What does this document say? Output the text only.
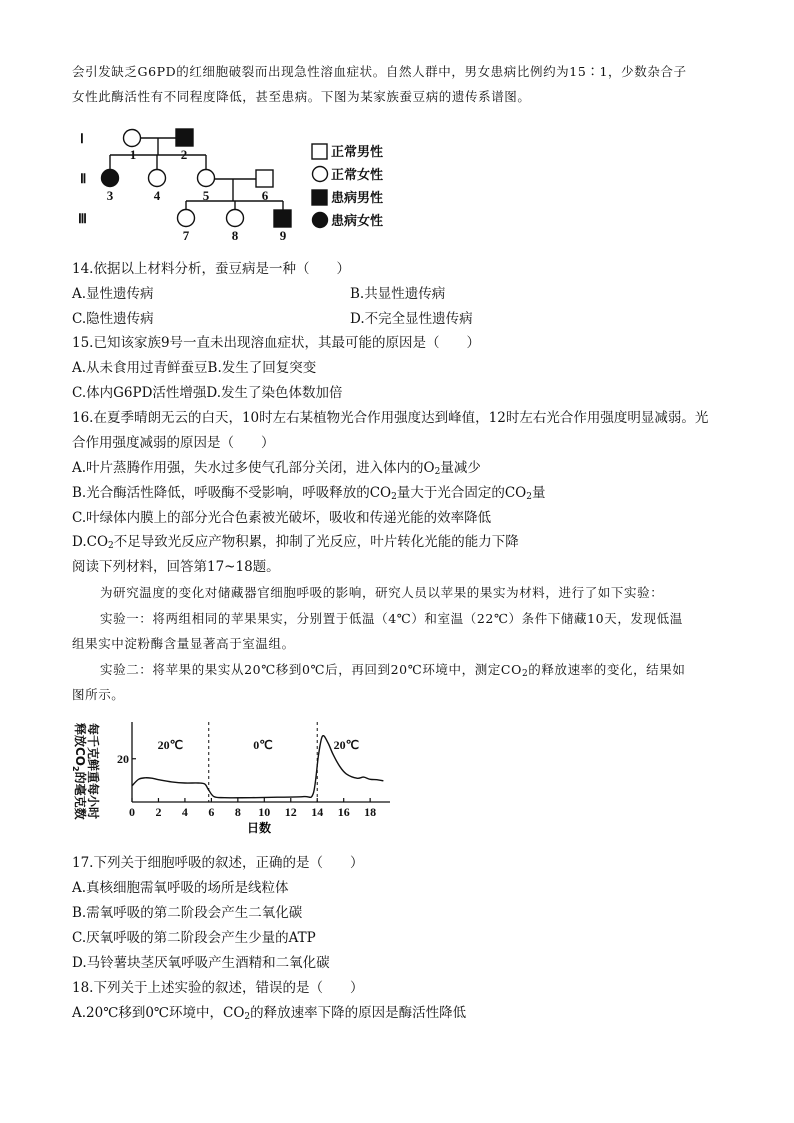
会引发缺乏G6PD的红细胞破裂而出现急性溶血症状。自然人群中，男女患病比例约为15∶1，少数杂合子
女性此酶活性有不同程度降低，甚至患病。下图为某家族蚕豆病的遗传系谱图。
Ⅰ
Ⅱ
Ⅲ
1	2
3	4	5	6
7	8	9
正常男性
正常女性
患病男性
患病女性
14.依据以上材料分析，蚕豆病是一种（　　）
A.显性遗传病	B.共显性遗传病
C.隐性遗传病	D.不完全显性遗传病
15.已知该家族9号一直未出现溶血症状，其最可能的原因是（　　）
A.从未食用过青鲜蚕豆B.发生了回复突变
C.体内G6PD活性增强D.发生了染色体数加倍
16.在夏季晴朗无云的白天，10时左右某植物光合作用强度达到峰值，12时左右光合作用强度明显减弱。光
合作用强度减弱的原因是（　　）
A.叶片蒸腾作用强，失水过多使气孔部分关闭，进入体内的$O_2$量减少
B.光合酶活性降低，呼吸酶不受影响，呼吸释放的$CO_2$量大于光合固定的$CO_2$量
C.叶绿体内膜上的部分光合色素被光破坏，吸收和传递光能的效率降低
$D.CO_2$不足导致光反应产物积累，抑制了光反应，叶片转化光能的能力下降
阅读下列材料，回答第17~18题。
为研究温度的变化对储藏器官细胞呼吸的影响，研究人员以苹果的果实为材料，进行了如下实验：
实验一：将两组相同的苹果果实，分别置于低温（4℃）和室温（22℃）条件下储藏10天，发现低温
组果实中淀粉酶含量显著高于室温组。
实验二：将苹果的果实从20℃移到0℃后，再回到20℃环境中，测定$CO_2$的释放速率的变化，结果如
图所示。
每千克鲜重每小时
释放$CO_2$的毫克数	0 2 4 6 8 10 12 14 16 18
20
20℃	0℃	20℃
日数
17.下列关于细胞呼吸的叙述，正确的是（　　）
A.真核细胞需氧呼吸的场所是线粒体
B.需氧呼吸的第二阶段会产生二氧化碳
C.厌氧呼吸的第二阶段会产生少量的ATP
D.马铃薯块茎厌氧呼吸产生酒精和二氧化碳
18.下列关于上述实验的叙述，错误的是（　　）
A.20℃移到0℃环境中，$CO_2$的释放速率下降的原因是酶活性降低
